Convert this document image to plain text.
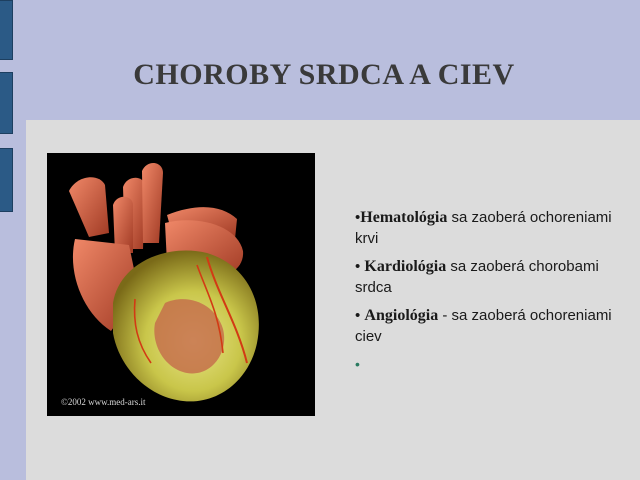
CHOROBY SRDCA A CIEV
©2002 www.med-ars.it
•Hematológia sa zaoberá ochoreniami krvi
• Kardiológia sa zaoberá chorobami srdca
• Angiológia - sa zaoberá ochoreniami ciev
•
